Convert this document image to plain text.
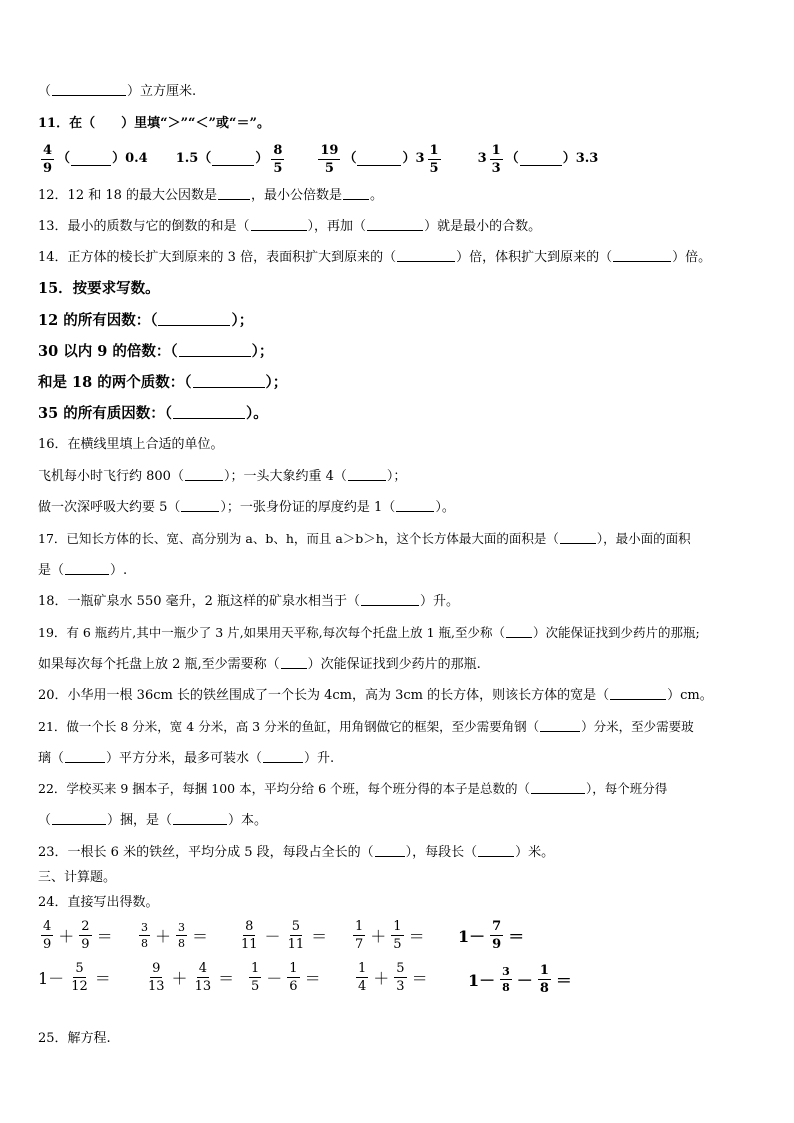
（	）立方厘米.
11．在（　　）里填“＞”“＜”或“＝”。
$\frac{4}{9}$ （	）0.4 1.5（	） $\frac{8}{5}$	$\frac{19}{5}$ （	）$3 \frac{1}{5}$	$3 \frac{1}{3}$ （	）3.3
12．12 和 18 的最大公因数是	，最小公倍数是 。
13．最小的质数与它的倒数的和是（	），再加（	）就是最小的合数。
14．正方体的棱长扩大到原来的 3 倍，表面积扩大到原来的（	）倍，体积扩大到原来的（	）倍。
15．按要求写数。
12 的所有因数：（	）；
30 以内 9 的倍数：（	）；
和是 18 的两个质数：（	）；
35 的所有质因数：（	）。
16．在横线里填上合适的单位。
飞机每小时飞行约 800（	）；一头大象约重 4（	）；
做一次深呼吸大约要 5（	）；一张身份证的厚度约是 1（	）。
17．已知长方体的长、宽、高分别为 a、b、h，而且 a＞b＞h，这个长方体最大面的面积是（	），最小面的面积
是（	）.
18．一瓶矿泉水 550 毫升，2 瓶这样的矿泉水相当于（	）升。
19．有 6 瓶药片,其中一瓶少了 3 片,如果用天平称,每次每个托盘上放 1 瓶,至少称（ ）次能保证找到少药片的那瓶;
如果每次每个托盘上放 2 瓶,至少需要称（ ）次能保证找到少药片的那瓶.
20．小华用一根 36cm 长的铁丝围成了一个长为 4cm，高为 3cm 的长方体，则该长方体的宽是（	）cm。
21．做一个长 8 分米，宽 4 分米，高 3 分米的鱼缸，用角钢做它的框架，至少需要角钢（	）分米，至少需要玻
璃（	）平方分米，最多可装水（	）升.
22．学校买来 9 捆本子，每捆 100 本，平均分给 6 个班，每个班分得的本子是总数的（	），每个班分得
（	）捆，是（	）本。
23．一根长 6 米的铁丝，平均分成 5 段，每段占全长的（ ），每段长（	）米。
三、计算题。
24．直接写出得数。
$\frac{4}{9} + \frac{2}{9} = \frac{3}{8} + \frac{3}{8} = \frac{8}{11} - \frac{5}{11} = \frac{1}{7} + \frac{1}{5} = 1- \frac{7}{9}$ ＝
$1- \frac{5}{12}$ ＝	$\frac{9}{13} + \frac{4}{13} = \frac{1}{5} - \frac{1}{6}$ ＝	$\frac{1}{4} + \frac{5}{3}$ ＝	$1- \frac{3}{8} - \frac{1}{8}$ ＝
25．解方程.
